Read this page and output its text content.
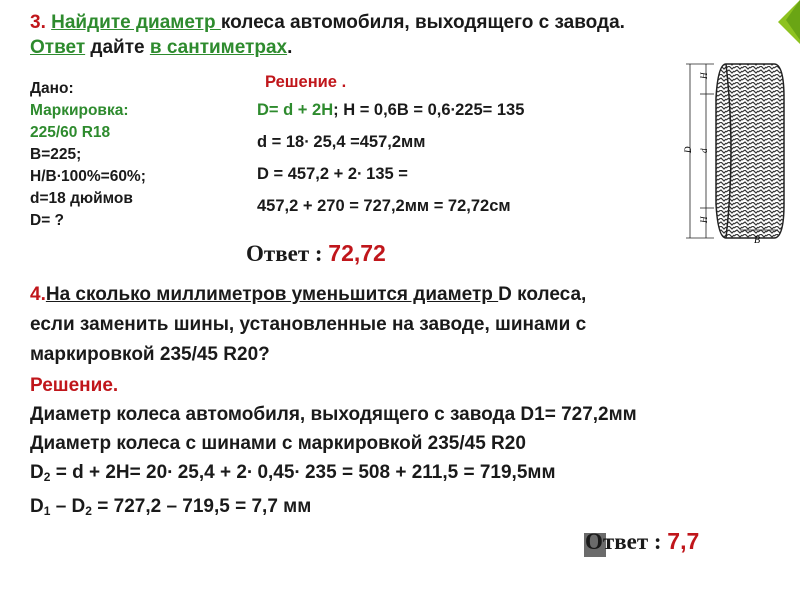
3. Найдите диаметр колеса автомобиля, выходящего с завода.
Ответ дайте в сантиметрах.
Дано:
Маркировка:
225/60 R18
B=225;
H/B∙100%=60%;
d=18 дюймов
D= ?
Решение .
D= d + 2H; H = 0,6B = 0,6∙225= 135
d = 18∙ 25,4 =457,2мм
D = 457,2 + 2∙ 135 =
457,2 + 270 = 727,2мм = 72,72см
Ответ : 72,72
D d
H
H
B
4.На сколько миллиметров уменьшится диаметр D колеса,
если заменить шины, установленные на заводе, шинами с
маркировкой 235/45 R20?
Решение.
Диаметр колеса автомобиля, выходящего с завода D1= 727,2мм
Диаметр колеса с шинами с маркировкой 235/45 R20
$D_2 = d + 2H= 20\cdot 25,4 + 2\cdot 0,45\cdot 235 = 508 + 211,5 = 719,5мм$
$D_1 - D_2 = 727,2 - 719,5 = 7,7$ мм
Ответ : 7,7
